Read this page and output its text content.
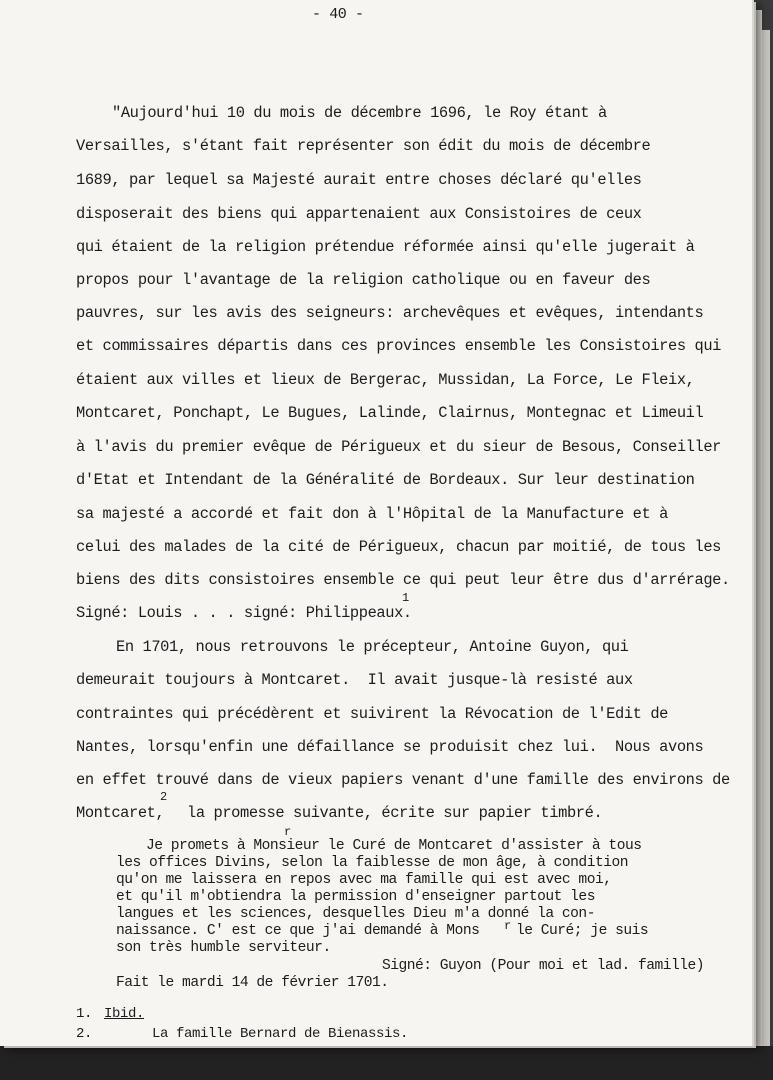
- 40 -
"Aujourd'hui 10 du mois de décembre 1696, le Roy étant à
Versailles, s'étant fait représenter son édit du mois de décembre
1689, par lequel sa Majesté aurait entre choses déclaré qu'elles
disposerait des biens qui appartenaient aux Consistoires de ceux
qui étaient de la religion prétendue réformée ainsi qu'elle jugerait à
propos pour l'avantage de la religion catholique ou en faveur des
pauvres, sur les avis des seigneurs: archevêques et evêques, intendants
et commissaires départis dans ces provinces ensemble les Consistoires qui
étaient aux villes et lieux de Bergerac, Mussidan, La Force, Le Fleix,
Montcaret, Ponchapt, Le Bugues, Lalinde, Clairnus, Montegnac et Limeuil
à l'avis du premier evêque de Périgueux et du sieur de Besous, Conseiller
d'Etat et Intendant de la Généralité de Bordeaux. Sur leur destination
sa majesté a accordé et fait don à l'Hôpital de la Manufacture et à
celui des malades de la cité de Périgueux, chacun par moitié, de tous les
biens des dits consistoires ensemble ce qui peut leur être dus d'arrérage.
Signé: Louis . . . signé: Philippeaux.
1
En 1701, nous retrouvons le précepteur, Antoine Guyon, qui
demeurait toujours à Montcaret.  Il avait jusque-là resisté aux
contraintes qui précédèrent et suivirent la Révocation de l'Edit de
Nantes, lorsqu'enfin une défaillance se produisit chez lui.  Nous avons
en effet trouvé dans de vieux papiers venant d'une famille des environs de
Montcaret,
2
la promesse suivante, écrite sur papier timbré.
Je promets à Monsieur le Curé de Montcaret d'assister à tous
r
les offices Divins, selon la faiblesse de mon âge, à condition
qu'on me laissera en repos avec ma famille qui est avec moi,
et qu'il m'obtiendra la permission d'enseigner partout les
langues et les sciences, desquelles Dieu m'a donné la con-
naissance. C' est ce que j'ai demandé à Mons r le Curé; je suis
son très humble serviteur.
Signé: Guyon (Pour moi et lad. famille)
Fait le mardi 14 de février 1701.
1. Ibid.
2.	La famille Bernard de Bienassis.
